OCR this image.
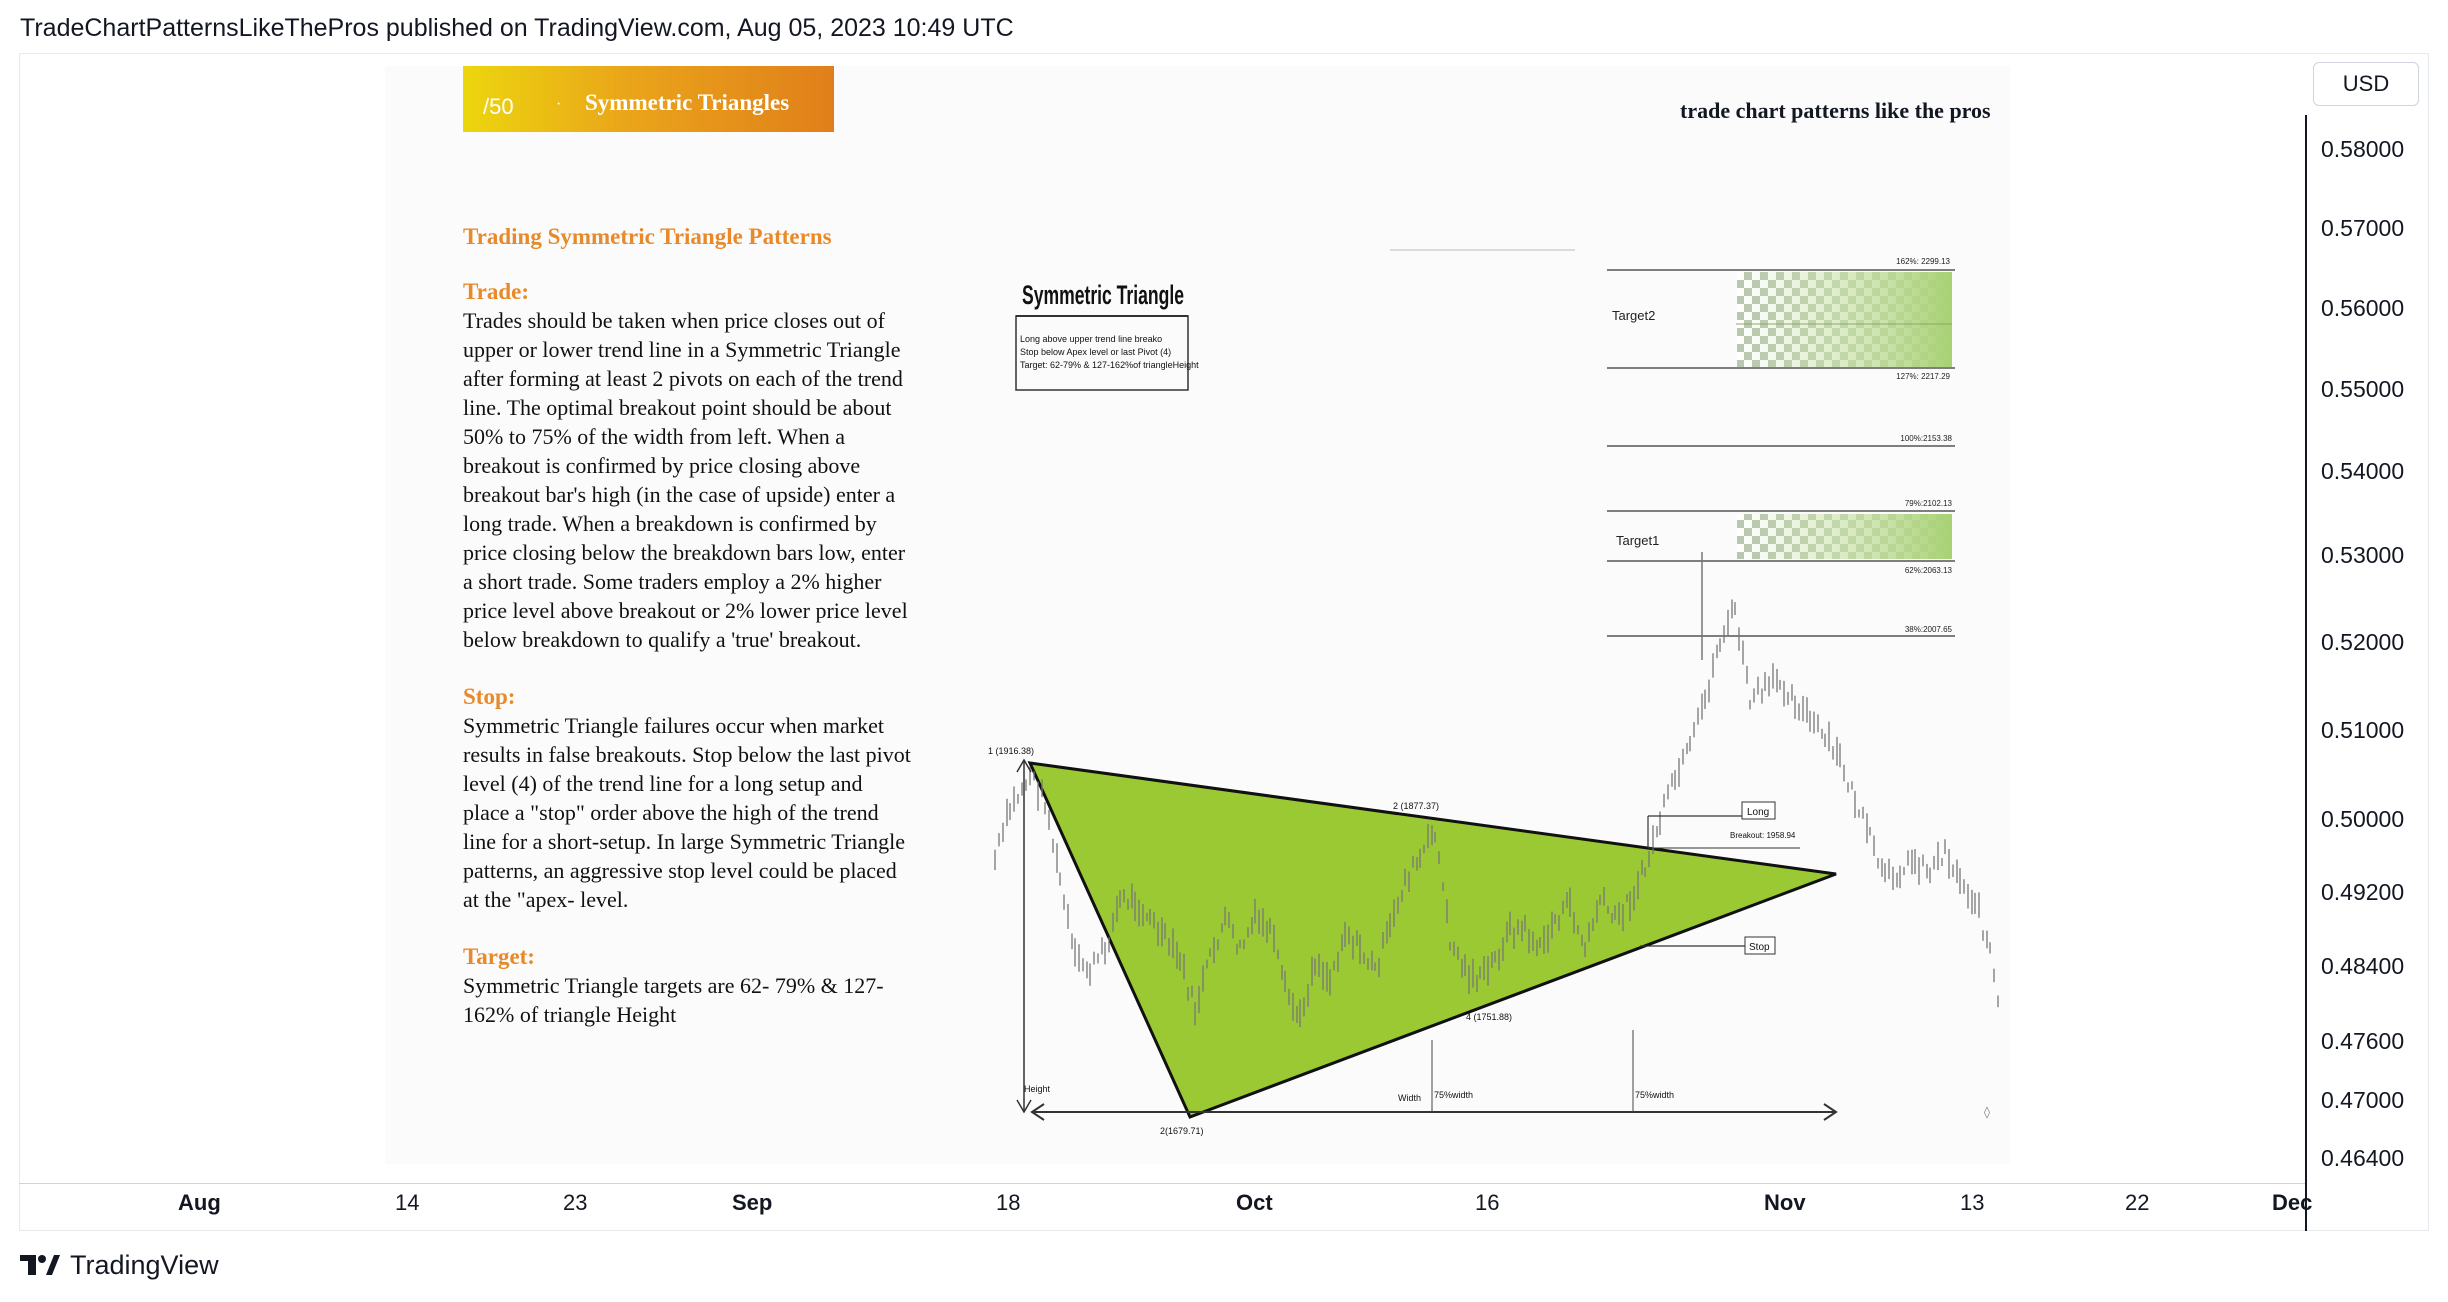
TradeChartPatternsLikeThePros published on TradingView.com, Aug 05, 2023 10:49 UTC
/50	· Symmetric Triangles	trade chart patterns like the pros
Trading Symmetric Triangle Patterns
Trade:

Trades should be taken when price closes out of upper or lower trend line in a Symmetric Triangle after forming at least 2 pivots on each of the trend line. The optimal breakout point should be about 50% to 75% of the width from left. When a breakout is confirmed by price closing above breakout bar's high (in the case of upside) enter a long trade. When a breakdown is confirmed by price closing below the breakdown bars low, enter a short trade. Some traders employ a 2% higher price level above breakout or 2% lower price level below breakdown to qualify a 'true' breakout.

Stop:

Symmetric Triangle failures occur when market results in false breakouts. Stop below the last pivot level (4) of the trend line for a long setup and place a "stop" order above the high of the trend line for a short-setup. In large Symmetric Triangle patterns, an aggressive stop level could be placed at the "apex- level.

Target:

Symmetric Triangle targets are 62- 79% & 127-162% of triangle Height

Symmetric Triangle
Long above upper trend line breako
Stop below Apex level or last Pivot (4)
Target: 62-79% & 127-162%of triangleHeight
162%: 2299.13
127%: 2217.29
100%:2153.38
79%:2102.13
62%:2063.13
38%:2007.65
Target2
Target1
1 (1916.38)
2 (1877.37)
2(1679.71)
4 (1751.88)
Height
Width 75%width	75%width
◊
Long
Breakout: 1958.94
Stop
USD
0.58000
0.57000
0.56000
0.55000
0.54000
0.53000
0.52000
0.51000
0.50000
0.49200
0.48400
0.47600
0.47000
0.46400
Aug	14	23	Sep	18	Oct	16	Nov	13	22	Dec
TradingView
